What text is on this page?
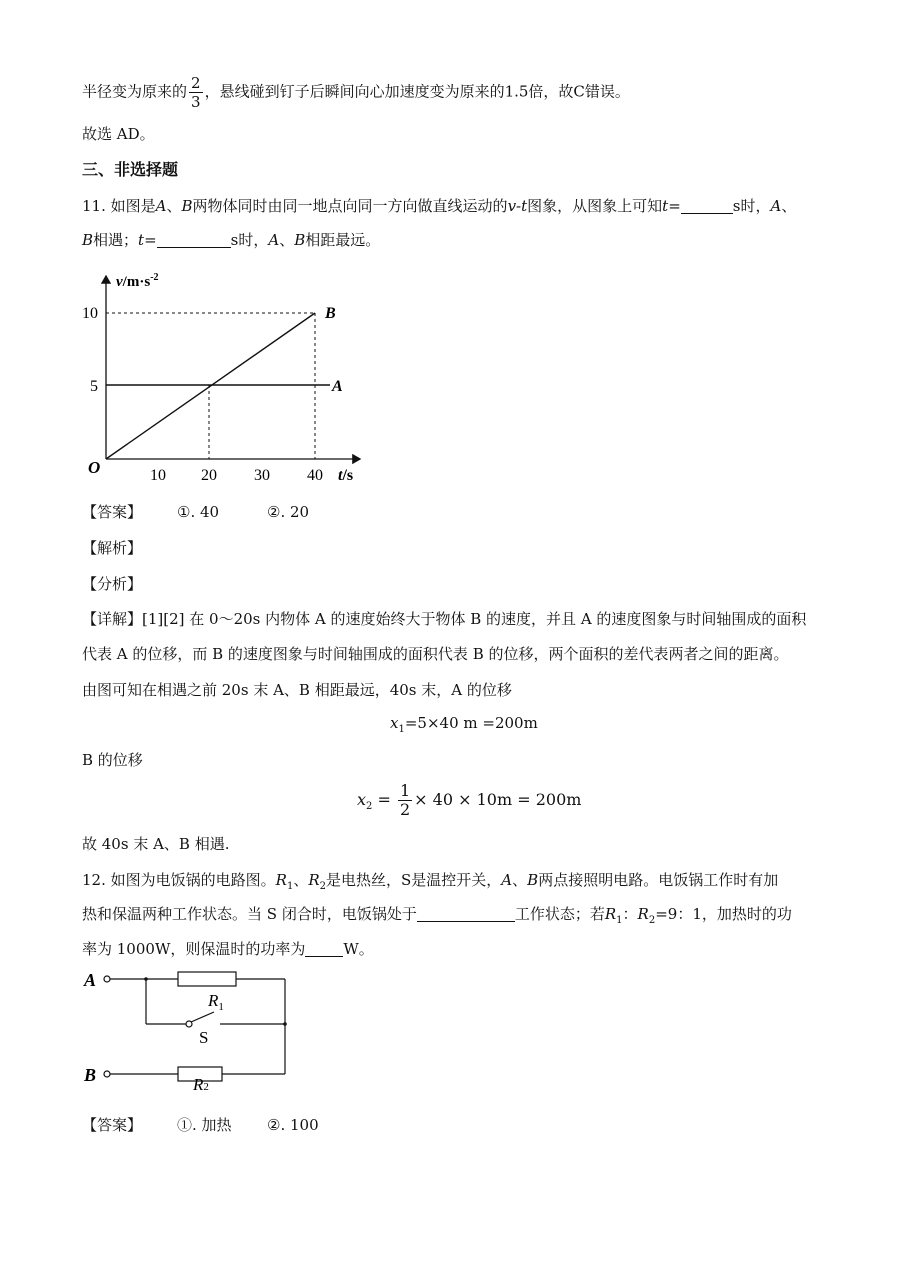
半径变为原来的 $\frac{2}{3}$ ，悬线碰到钉子后瞬间向心加速度变为原来的1.5倍，故C错误。
故选 AD。
三、非选择题
11. 如图是A、B两物体同时由同一地点向同一方向做直线运动的v-t图象，从图象上可知t=	s时，A、
B相遇；t=	s时，A、B相距最远。
$v/m\cdot s^{-2}$
10
5
O	10 20 30 40 t/s
A
B
【答案】 ①. 40	②. 20
【解析】
【分析】
【详解】[1][2] 在 0～20s 内物体 A 的速度始终大于物体 B 的速度，并且 A 的速度图象与时间轴围成的面积
代表 A 的位移，而 B 的速度图象与时间轴围成的面积代表 B 的位移，两个面积的差代表两者之间的距离。
由图可知在相遇之前 20s 末 A、B 相距最远，40s 末，A 的位移
$x_1=5\times 40$ m =200m
B 的位移
$x_2 = \frac{1}{2} \times 40 \times 10m = 200m$
故 40s 末 A、B 相遇.
12. 如图为电饭锅的电路图。$R_1$、$R_2$是电热丝，S是温控开关，A、B两点接照明电路。电饭锅工作时有加
热和保温两种工作状态。当 S 闭合时，电饭锅处于	工作状态；若$R_1$：$R_2=9$：1，加热时的功
率为 1000W，则保温时的功率为	W。
A
$R_1$
S
B	R2
【答案】 ①. 加热 ②. 100
